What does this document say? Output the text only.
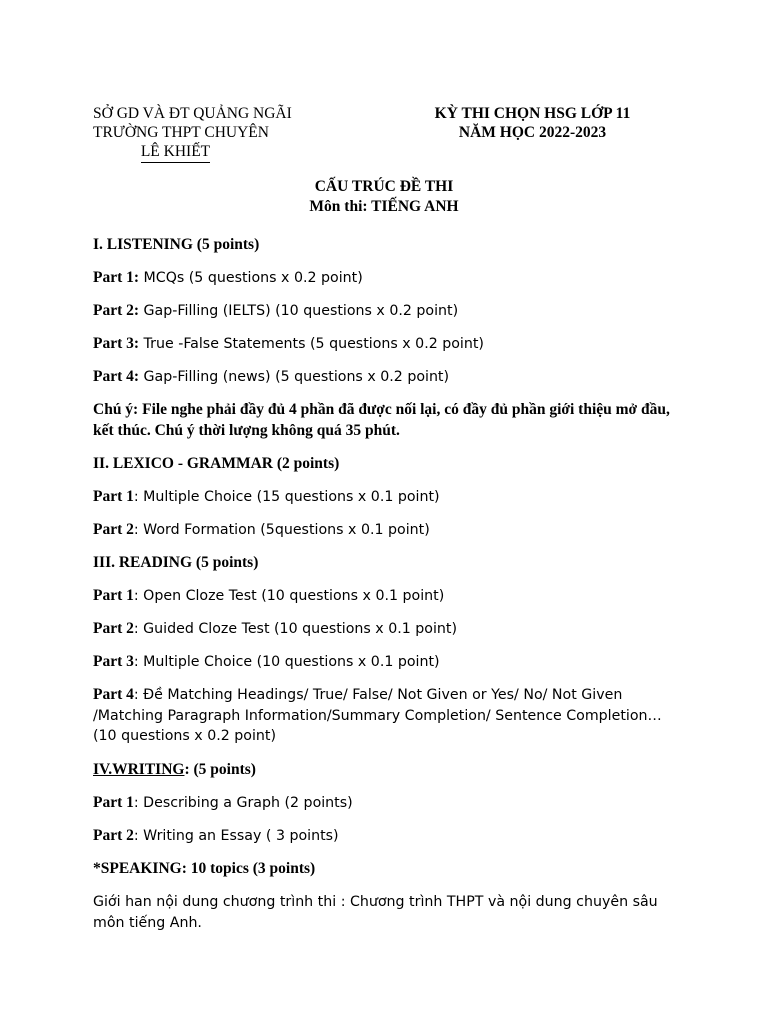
SỞ GD VÀ ĐT QUẢNG NGÃI
TRƯỜNG THPT CHUYÊN
LÊ KHIẾT
KỲ THI CHỌN HSG LỚP 11
NĂM HỌC 2022-2023
CẤU TRÚC ĐỀ THI
Môn thi: TIẾNG ANH
I. LISTENING (5 points)
Part 1: MCQs (5 questions x 0.2 point)
Part 2: Gap-Filling (IELTS) (10 questions x 0.2 point)
Part 3: True -False Statements (5 questions x 0.2 point)
Part 4: Gap-Filling (news) (5 questions x 0.2 point)
Chú ý: File nghe phải đầy đủ 4 phần đã được nối lại, có đầy đủ phần giới thiệu mở đầu, kết thúc. Chú ý thời lượng không quá 35 phút.
II. LEXICO - GRAMMAR (2 points)
Part 1: Multiple Choice (15 questions x 0.1 point)
Part 2: Word Formation (5questions x 0.1 point)
III. READING (5 points)
Part 1: Open Cloze Test (10 questions x 0.1 point)
Part 2: Guided Cloze Test (10 questions x 0.1 point)
Part 3: Multiple Choice (10 questions x 0.1 point)
Part 4: Đề Matching Headings/ True/ False/ Not Given or Yes/ No/ Not Given /Matching Paragraph Information/Summary Completion/ Sentence Completion… (10 questions x 0.2 point)
IV.WRITING: (5 points)
Part 1: Describing a Graph (2 points)
Part 2: Writing an Essay ( 3 points)
*SPEAKING: 10 topics (3 points)
Giới han nội dung chương trình thi : Chương trình THPT và nội dung chuyên sâu môn tiếng Anh.
